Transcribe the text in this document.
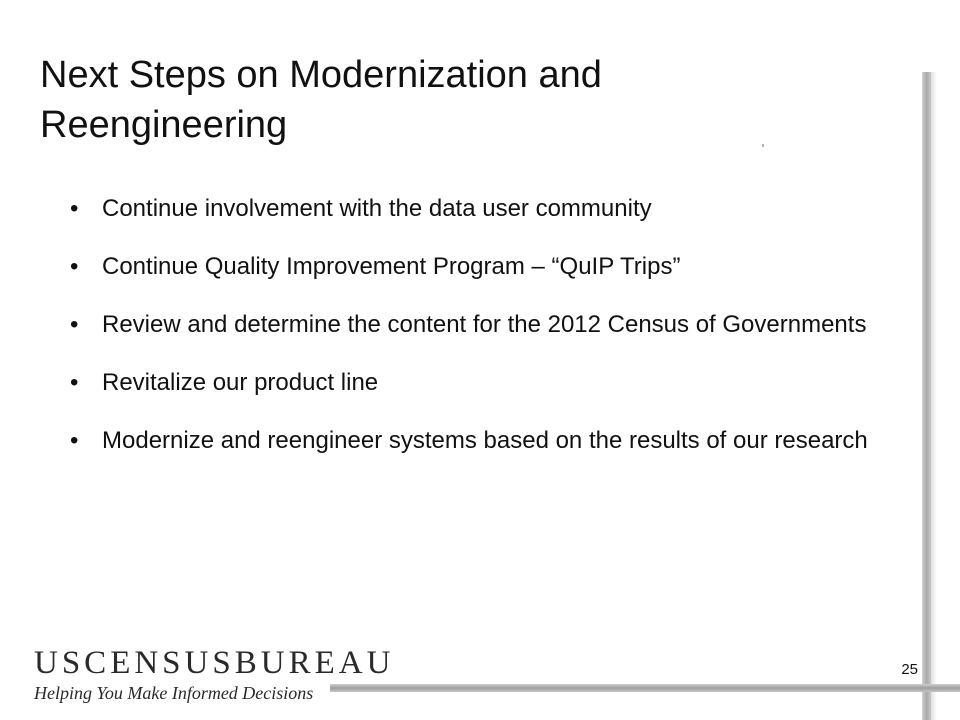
Next Steps on Modernization and
Reengineering
• Continue involvement with the data user community
• Continue Quality Improvement Program – “QuIP Trips”
• Review and determine the content for the 2012 Census of Governments
• Revitalize our product line
• Modernize and reengineer systems based on the results of our research
USCENSUSBUREAU
Helping You Make Informed Decisions
25
